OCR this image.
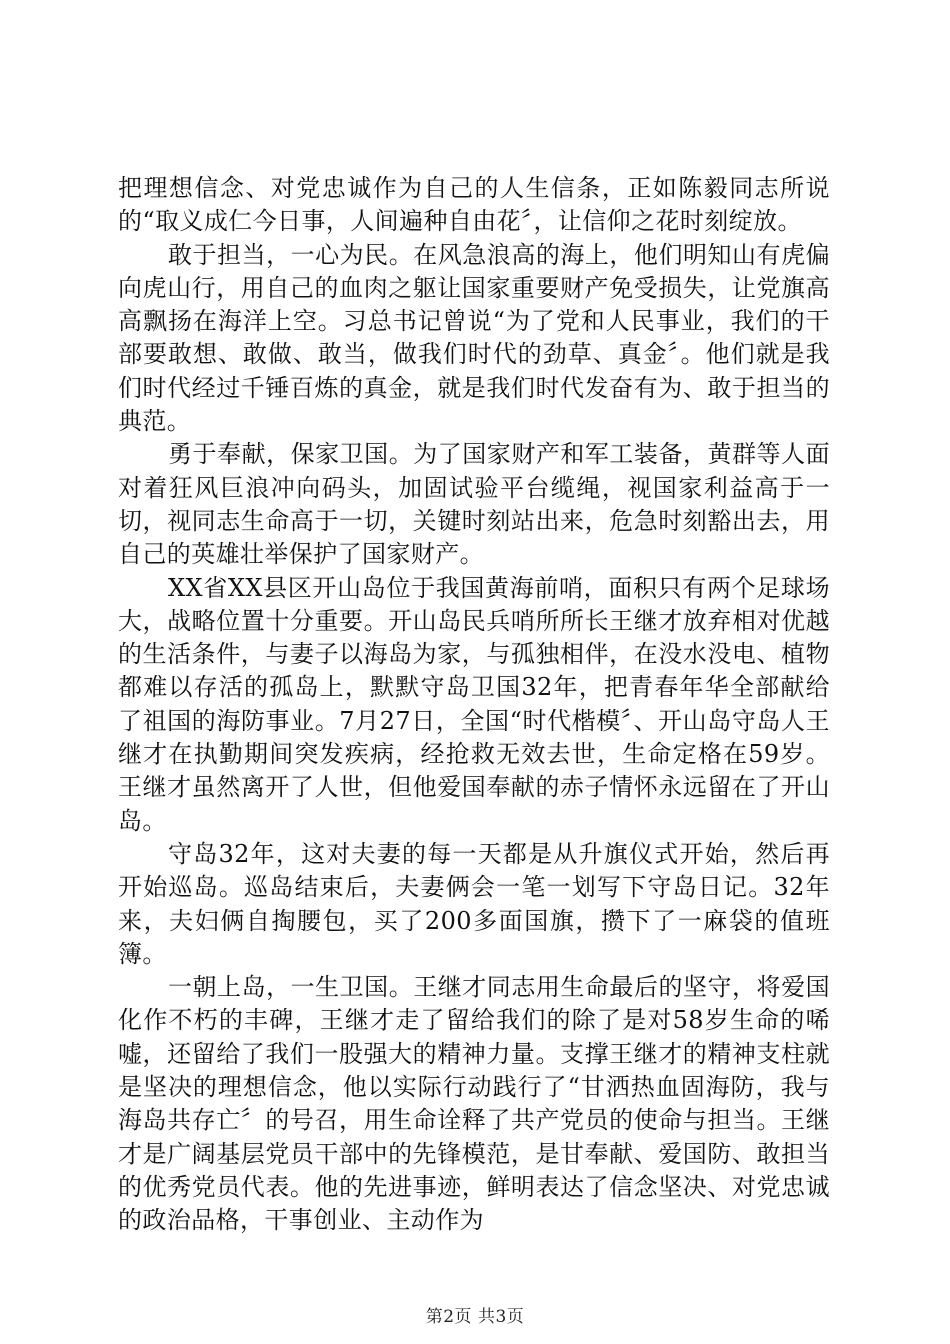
把理想信念、对党忠诚作为自己的人生信条，正如陈毅同志所说的“取义成仁今日事，人间遍种自由花〞，让信仰之花时刻绽放。

敢于担当，一心为民。在风急浪高的海上，他们明知山有虎偏向虎山行，用自己的血肉之躯让国家重要财产免受损失，让党旗高高飘扬在海洋上空。习总书记曾说“为了党和人民事业，我们的干部要敢想、敢做、敢当，做我们时代的劲草、真金〞。他们就是我们时代经过千锤百炼的真金，就是我们时代发奋有为、敢于担当的典范。

勇于奉献，保家卫国。为了国家财产和军工装备，黄群等人面对着狂风巨浪冲向码头，加固试验平台缆绳，视国家利益高于一切，视同志生命高于一切，关键时刻站出来，危急时刻豁出去，用自己的英雄壮举保护了国家财产。

XX省XX县区开山岛位于我国黄海前哨，面积只有两个足球场大，战略位置十分重要。开山岛民兵哨所所长王继才放弃相对优越的生活条件，与妻子以海岛为家，与孤独相伴，在没水没电、植物都难以存活的孤岛上，默默守岛卫国32年，把青春年华全部献给了祖国的海防事业。7月27日，全国“时代楷模〞、开山岛守岛人王继才在执勤期间突发疾病，经抢救无效去世，生命定格在59岁。王继才虽然离开了人世，但他爱国奉献的赤子情怀永远留在了开山岛。

守岛32年，这对夫妻的每一天都是从升旗仪式开始，然后再开始巡岛。巡岛结束后，夫妻俩会一笔一划写下守岛日记。32年来，夫妇俩自掏腰包，买了200多面国旗，攒下了一麻袋的值班簿。

一朝上岛，一生卫国。王继才同志用生命最后的坚守，将爱国化作不朽的丰碑，王继才走了留给我们的除了是对58岁生命的唏嘘，还留给了我们一股强大的精神力量。支撑王继才的精神支柱就是坚决的理想信念，他以实际行动践行了“甘洒热血固海防，我与海岛共存亡〞的号召，用生命诠释了共产党员的使命与担当。王继才是广阔基层党员干部中的先锋模范，是甘奉献、爱国防、敢担当的优秀党员代表。他的先进事迹，鲜明表达了信念坚决、对党忠诚的政治品格，干事创业、主动作为

第2页 共3页
